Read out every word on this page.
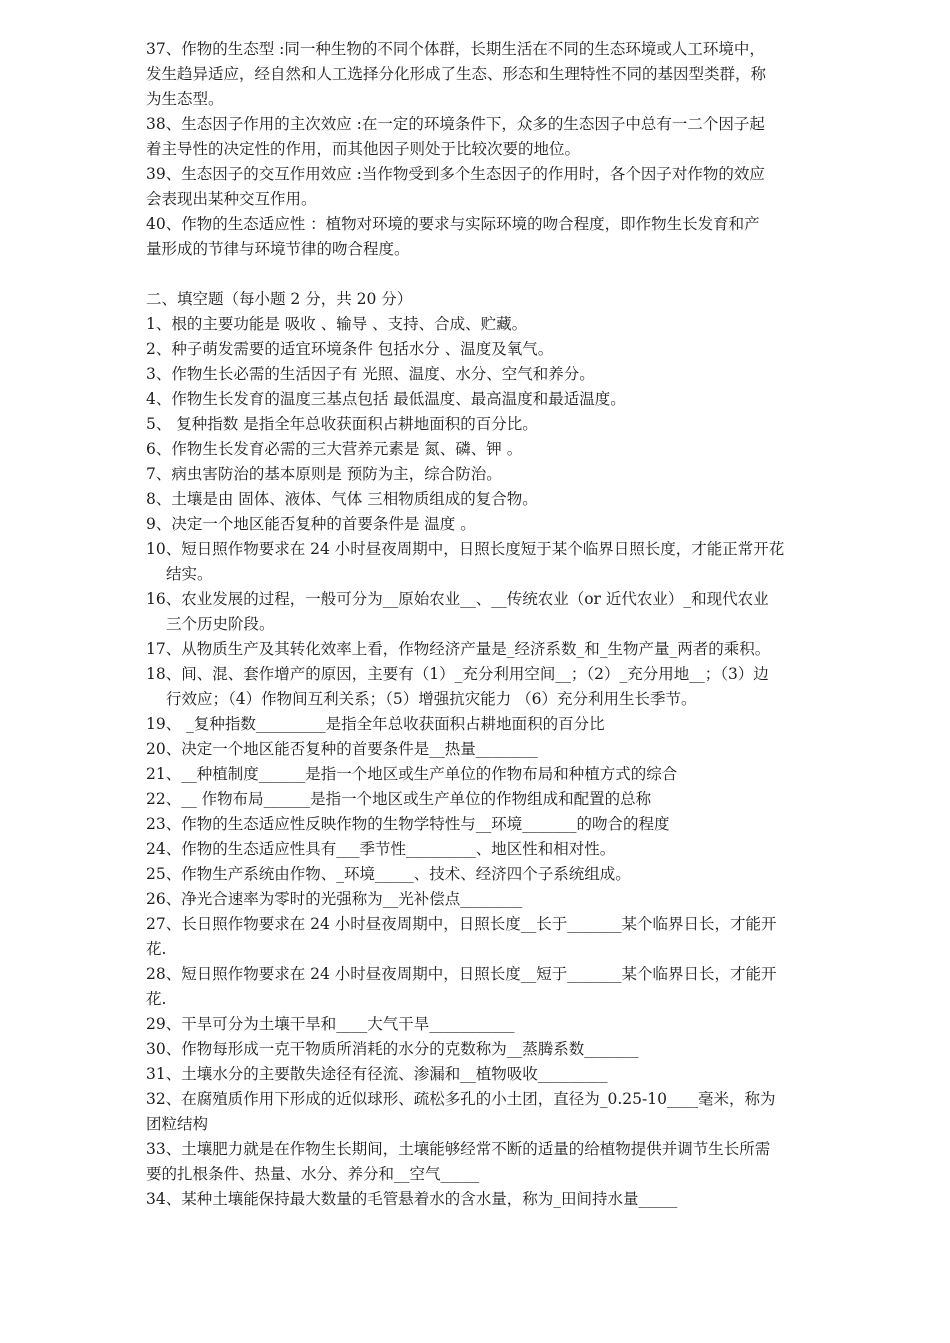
37、作物的生态型 :同一种生物的不同个体群，长期生活在不同的生态环境或人工环境中，
发生趋异适应，经自然和人工选择分化形成了生态、形态和生理特性不同的基因型类群，称
为生态型。
38、生态因子作用的主次效应 :在一定的环境条件下，众多的生态因子中总有一二个因子起
着主导性的决定性的作用，而其他因子则处于比较次要的地位。
39、生态因子的交互作用效应 :当作物受到多个生态因子的作用时，各个因子对作物的效应
会表现出某种交互作用。
40、作物的生态适应性 ：植物对环境的要求与实际环境的吻合程度，即作物生长发育和产
量形成的节律与环境节律的吻合程度。
二、填空题（每小题 2 分，共 20 分）
1、根的主要功能是 吸收 、输导 、支持、合成、贮藏。
2、种子萌发需要的适宜环境条件 包括水分 、温度及氧气。
3、作物生长必需的生活因子有 光照、温度、水分、空气和养分。
4、作物生长发育的温度三基点包括 最低温度、最高温度和最适温度。
5、 复种指数 是指全年总收获面积占耕地面积的百分比。
6、作物生长发育必需的三大营养元素是 氮、磷、钾 。
7、病虫害防治的基本原则是 预防为主，综合防治。
8、土壤是由 固体、液体、气体 三相物质组成的复合物。
9、决定一个地区能否复种的首要条件是 温度 。
10、短日照作物要求在 24 小时昼夜周期中，日照长度短于某个临界日照长度，才能正常开花
结实。
16、农业发展的过程，一般可分为__原始农业__、__传统农业（or 近代农业）_和现代农业
三个历史阶段。
17、从物质生产及其转化效率上看，作物经济产量是_经济系数_和_生物产量_两者的乘积。
18、间、混、套作增产的原因，主要有（1）_充分利用空间__；（2）_充分用地__；（3）边
行效应；（4）作物间互利关系；（5）增强抗灾能力 （6）充分利用生长季节。
19、 _复种指数_________是指全年总收获面积占耕地面积的百分比
20、决定一个地区能否复种的首要条件是__热量________
21、__种植制度______是指一个地区或生产单位的作物布局和种植方式的综合
22、__ 作物布局______是指一个地区或生产单位的作物组成和配置的总称
23、作物的生态适应性反映作物的生物学特性与__环境_______的吻合的程度
24、作物的生态适应性具有___季节性_________、地区性和相对性。
25、作物生产系统由作物、_环境_____、技术、经济四个子系统组成。
26、净光合速率为零时的光强称为__光补偿点________
27、长日照作物要求在 24 小时昼夜周期中，日照长度__长于_______某个临界日长，才能开
花.
28、短日照作物要求在 24 小时昼夜周期中，日照长度__短于_______某个临界日长，才能开
花.
29、干旱可分为土壤干旱和____大气干旱___________
30、作物每形成一克干物质所消耗的水分的克数称为__蒸腾系数_______
31、土壤水分的主要散失途径有径流、渗漏和__植物吸收_________
32、在腐殖质作用下形成的近似球形、疏松多孔的小土团，直径为_0.25-10____毫米，称为
团粒结构
33、土壤肥力就是在作物生长期间，土壤能够经常不断的适量的给植物提供并调节生长所需
要的扎根条件、热量、水分、养分和__空气_____
34、某种土壤能保持最大数量的毛管悬着水的含水量，称为_田间持水量_____
